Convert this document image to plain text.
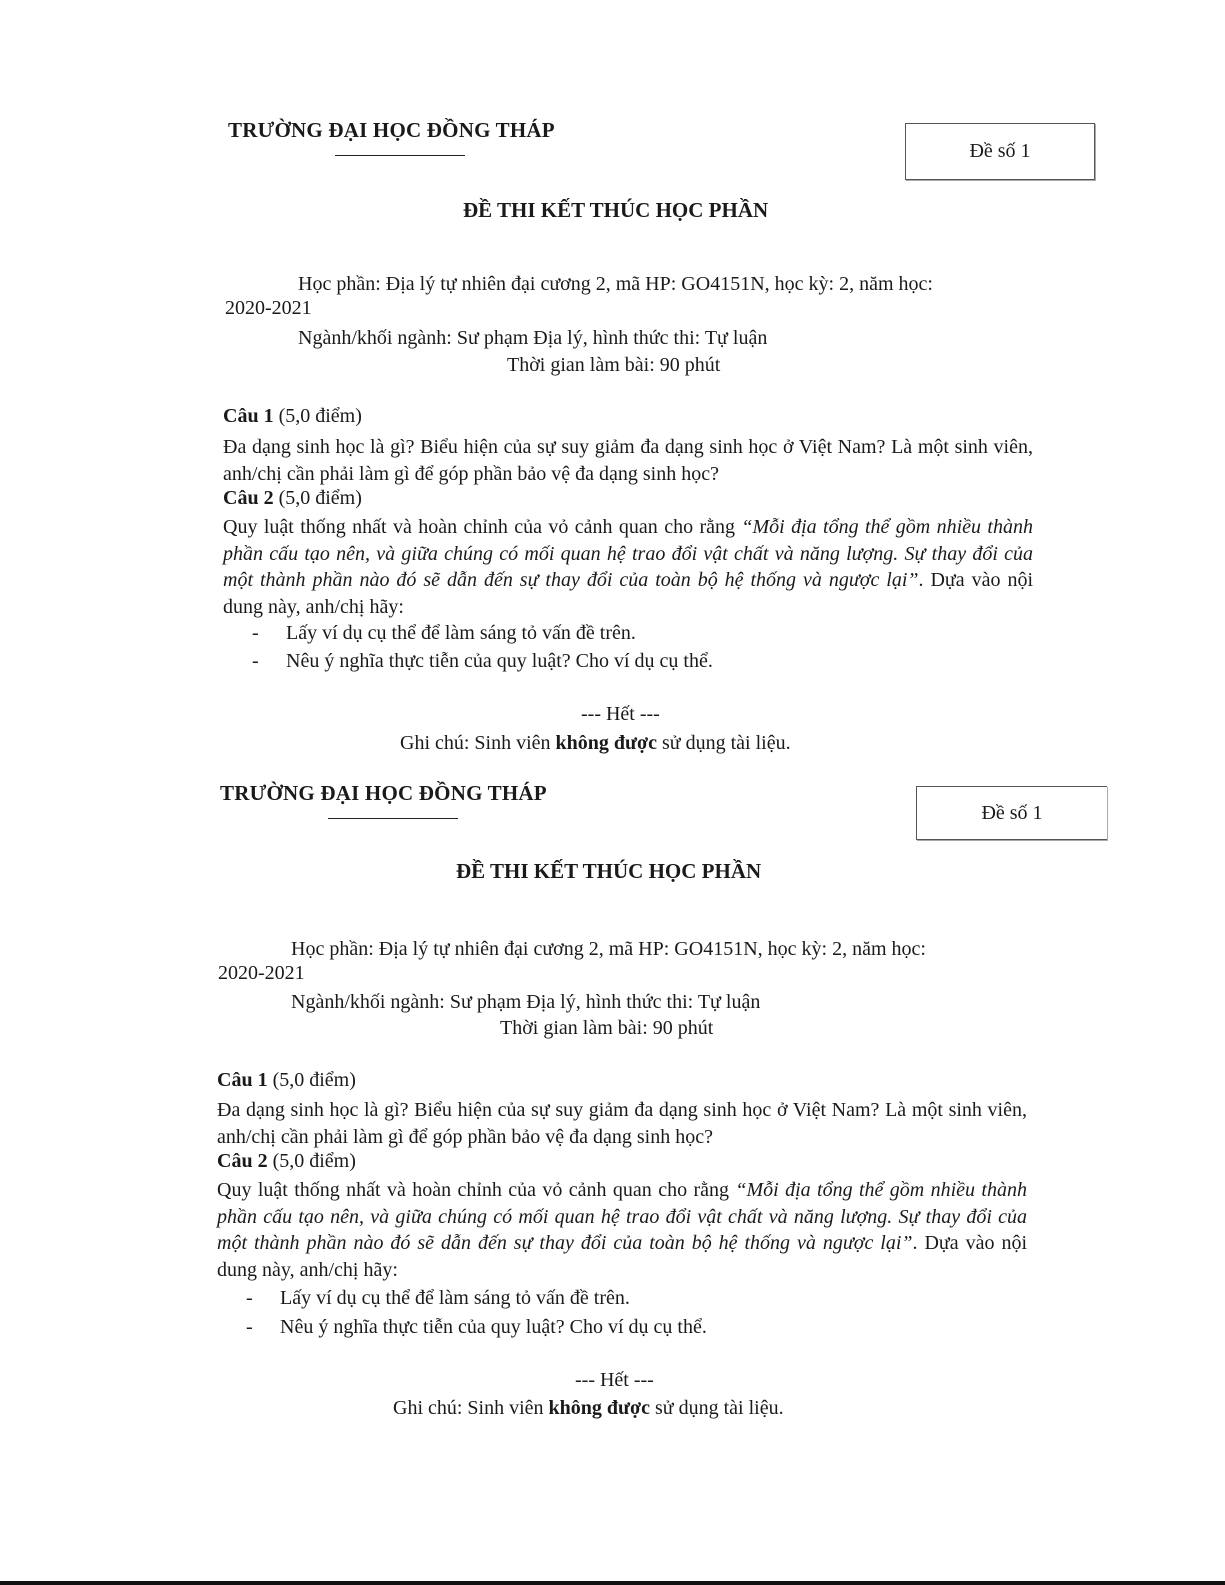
TRƯỜNG ĐẠI HỌC ĐỒNG THÁP
Đề số 1
ĐỀ THI KẾT THÚC HỌC PHẦN
Học phần: Địa lý tự nhiên đại cương 2, mã HP: GO4151N, học kỳ: 2, năm học:
2020-2021
Ngành/khối ngành: Sư phạm Địa lý, hình thức thi: Tự luận
Thời gian làm bài: 90 phút
Câu 1 (5,0 điểm)
Đa dạng sinh học là gì? Biểu hiện của sự suy giảm đa dạng sinh học ở Việt Nam? Là một sinh viên, anh/chị cần phải làm gì để góp phần bảo vệ đa dạng sinh học?
Câu 2 (5,0 điểm)
Quy luật thống nhất và hoàn chỉnh của vỏ cảnh quan cho rằng “Mỗi địa tổng thể gồm nhiều thành phần cấu tạo nên, và giữa chúng có mối quan hệ trao đổi vật chất và năng lượng. Sự thay đổi của một thành phần nào đó sẽ dẫn đến sự thay đổi của toàn bộ hệ thống và ngược lại”. Dựa vào nội dung này, anh/chị hãy:
- Lấy ví dụ cụ thể để làm sáng tỏ vấn đề trên.
- Nêu ý nghĩa thực tiễn của quy luật? Cho ví dụ cụ thể.
--- Hết ---
Ghi chú: Sinh viên không được sử dụng tài liệu.
TRƯỜNG ĐẠI HỌC ĐỒNG THÁP
Đề số 1
ĐỀ THI KẾT THÚC HỌC PHẦN
Học phần: Địa lý tự nhiên đại cương 2, mã HP: GO4151N, học kỳ: 2, năm học:
2020-2021
Ngành/khối ngành: Sư phạm Địa lý, hình thức thi: Tự luận
Thời gian làm bài: 90 phút
Câu 1 (5,0 điểm)
Đa dạng sinh học là gì? Biểu hiện của sự suy giảm đa dạng sinh học ở Việt Nam? Là một sinh viên, anh/chị cần phải làm gì để góp phần bảo vệ đa dạng sinh học?
Câu 2 (5,0 điểm)
Quy luật thống nhất và hoàn chỉnh của vỏ cảnh quan cho rằng “Mỗi địa tổng thể gồm nhiều thành phần cấu tạo nên, và giữa chúng có mối quan hệ trao đổi vật chất và năng lượng. Sự thay đổi của một thành phần nào đó sẽ dẫn đến sự thay đổi của toàn bộ hệ thống và ngược lại”. Dựa vào nội dung này, anh/chị hãy:
- Lấy ví dụ cụ thể để làm sáng tỏ vấn đề trên.
- Nêu ý nghĩa thực tiễn của quy luật? Cho ví dụ cụ thể.
--- Hết ---
Ghi chú: Sinh viên không được sử dụng tài liệu.
